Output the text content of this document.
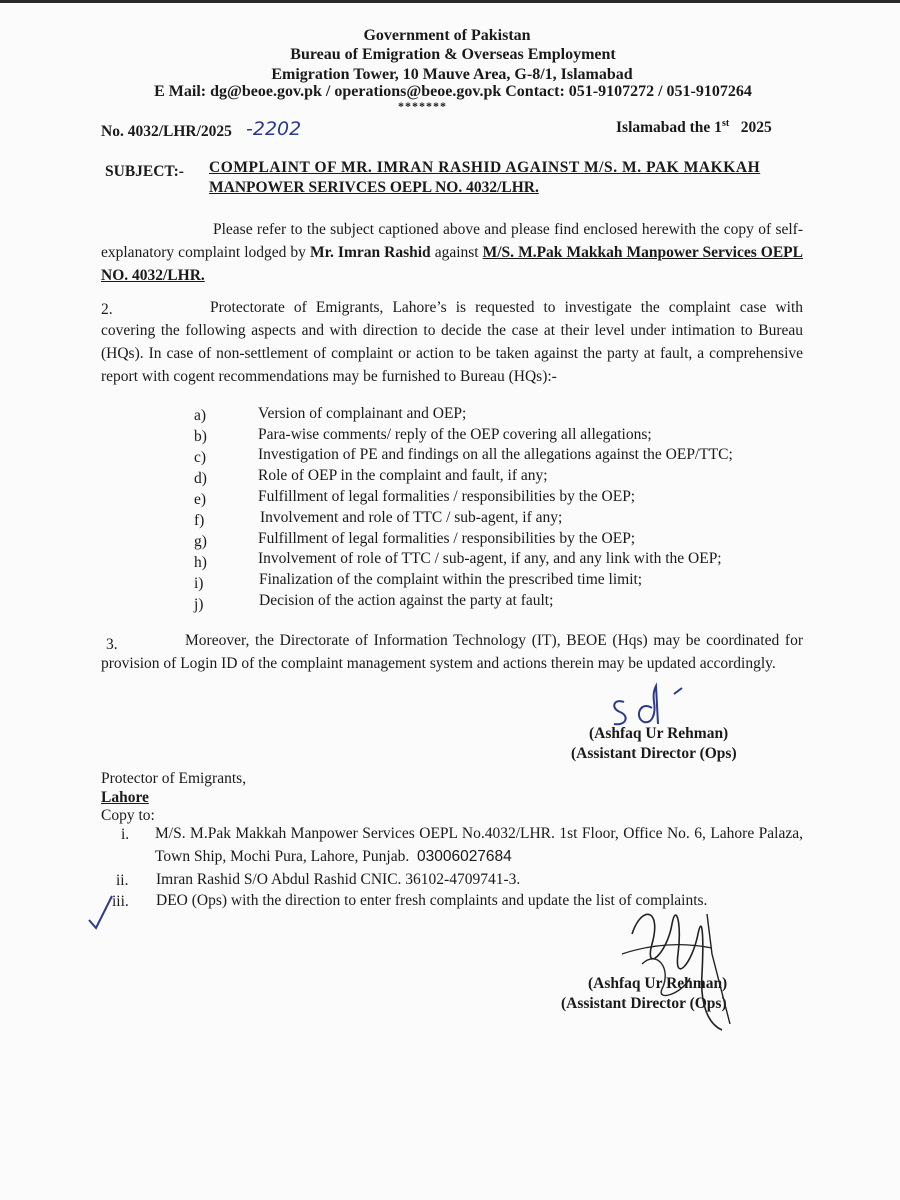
Government of Pakistan
Bureau of Emigration & Overseas Employment
Emigration Tower, 10 Mauve Area, G-8/1, Islamabad
E Mail: dg@beoe.gov.pk / operations@beoe.gov.pk Contact: 051-9107272 / 051-9107264
*******
No. 4032/LHR/2025 -2202	Islamabad the 1st 2025
SUBJECT:- COMPLAINT OF MR. IMRAN RASHID AGAINST M/S. M. PAK MAKKAH
MANPOWER SERIVCES OEPL NO. 4032/LHR.
Please refer to the subject captioned above and please find enclosed herewith the copy of self-explanatory complaint lodged by Mr. Imran Rashid against M/S. M.Pak Makkah Manpower Services OEPL NO. 4032/LHR.
2.	Protectorate of Emigrants, Lahore’s is requested to investigate the complaint case with covering the following aspects and with direction to decide the case at their level under intimation to Bureau (HQs). In case of non-settlement of complaint or action to be taken against the party at fault, a comprehensive report with cogent recommendations may be furnished to Bureau (HQs):-
a)	Version of complainant and OEP;
b)	Para-wise comments/ reply of the OEP covering all allegations;
c)	Investigation of PE and findings on all the allegations against the OEP/TTC;
d)	Role of OEP in the complaint and fault, if any;
e)	Fulfillment of legal formalities / responsibilities by the OEP;
f)	Involvement and role of TTC / sub-agent, if any;
g)	Fulfillment of legal formalities / responsibilities by the OEP;
h)	Involvement of role of TTC / sub-agent, if any, and any link with the OEP;
i)	Finalization of the complaint within the prescribed time limit;
j)	Decision of the action against the party at fault;
3.	Moreover, the Directorate of Information Technology (IT), BEOE (Hqs) may be coordinated for provision of Login ID of the complaint management system and actions therein may be updated accordingly.
(Ashfaq Ur Rehman)
(Assistant Director (Ops)
Protector of Emigrants,
Lahore
Copy to:
i. M/S. M.Pak Makkah Manpower Services OEPL No.4032/LHR. 1st Floor, Office No. 6, Lahore Palaza, Town Ship, Mochi Pura, Lahore, Punjab. 03006027684
ii. Imran Rashid S/O Abdul Rashid CNIC. 36102-4709741-3.
iii. DEO (Ops) with the direction to enter fresh complaints and update the list of complaints.
(Ashfaq Ur Rehman)
(Assistant Director (Ops)
